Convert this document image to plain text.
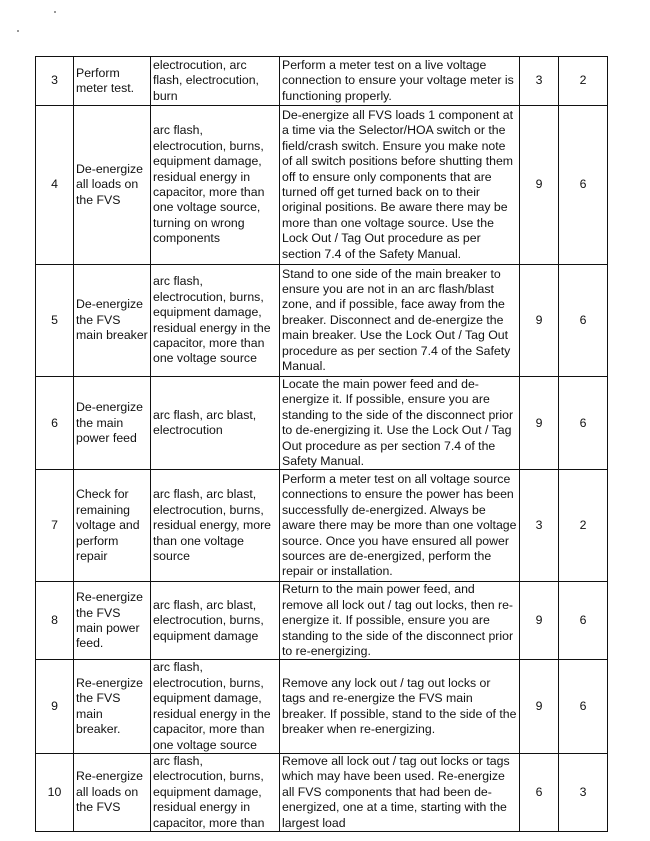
3	Perform meter test.	electrocution, arc flash, electrocution, burn	Perform a meter test on a live voltage connection to ensure your voltage meter is functioning properly.	3	2
4	De-energize all loads on the FVS	arc flash, electrocution, burns, equipment damage, residual energy in capacitor, more than one voltage source, turning on wrong components	De-energize all FVS loads 1 component at a time via the Selector/HOA switch or the field/crash switch. Ensure you make note of all switch positions before shutting them off to ensure only components that are turned off get turned back on to their original positions. Be aware there may be more than one voltage source. Use the Lock Out / Tag Out procedure as per section 7.4 of the Safety Manual.	9	6
5	De-energize the FVS main breaker	arc flash, electrocution, burns, equipment damage, residual energy in the capacitor, more than one voltage source	Stand to one side of the main breaker to ensure you are not in an arc flash/blast zone, and if possible, face away from the breaker. Disconnect and de-energize the main breaker. Use the Lock Out / Tag Out procedure as per section 7.4 of the Safety Manual.	9	6
6	De-energize the main power feed	arc flash, arc blast, electrocution	Locate the main power feed and de-energize it. If possible, ensure you are standing to the side of the disconnect prior to de-energizing it. Use the Lock Out / Tag Out procedure as per section 7.4 of the Safety Manual.	9	6
7	Check for remaining voltage and perform repair	arc flash, arc blast, electrocution, burns, residual energy, more than one voltage source	Perform a meter test on all voltage source connections to ensure the power has been successfully de-energized. Always be aware there may be more than one voltage source. Once you have ensured all power sources are de-energized, perform the repair or installation.	3	2
8	Re-energize the FVS main power feed.	arc flash, arc blast, electrocution, burns, equipment damage	Return to the main power feed, and remove all lock out / tag out locks, then re-energize it. If possible, ensure you are standing to the side of the disconnect prior to re-energizing.	9	6
9	Re-energize the FVS main breaker.	arc flash, electrocution, burns, equipment damage, residual energy in the capacitor, more than one voltage source	Remove any lock out / tag out locks or tags and re-energize the FVS main breaker. If possible, stand to the side of the breaker when re-energizing.	9	6
10	Re-energize all loads on the FVS	arc flash, electrocution, burns, equipment damage, residual energy in capacitor, more than	Remove all lock out / tag out locks or tags which may have been used. Re-energize all FVS components that had been de-energized, one at a time, starting with the largest load	6	3
